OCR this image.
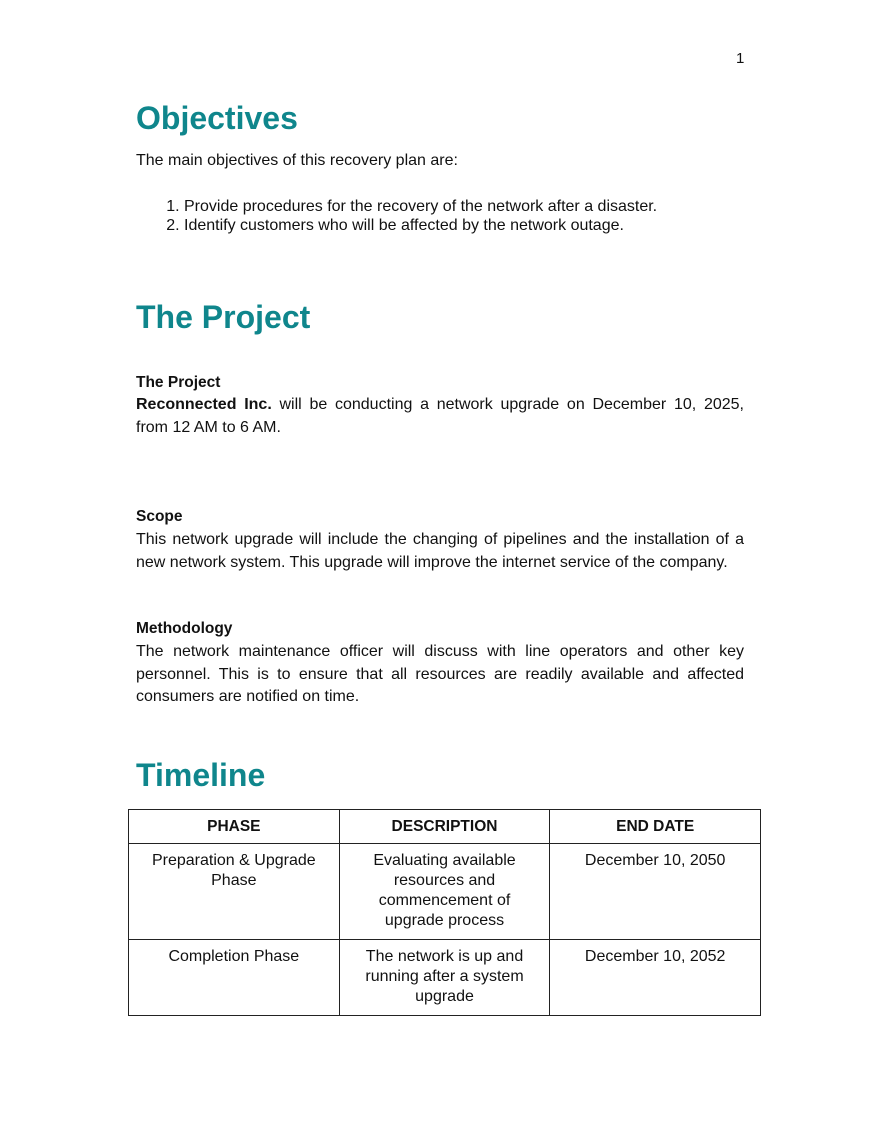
1
Objectives
The main objectives of this recovery plan are:
1. Provide procedures for the recovery of the network after a disaster.
2. Identify customers who will be affected by the network outage.
The Project
The Project
Reconnected Inc. will be conducting a network upgrade on December 10, 2025, from 12 AM to 6 AM.
Scope
This network upgrade will include the changing of pipelines and the installation of a new network system. This upgrade will improve the internet service of the company.
Methodology
The network maintenance officer will discuss with line operators and other key personnel. This is to ensure that all resources are readily available and affected consumers are notified on time.
Timeline
PHASE	DESCRIPTION	END DATE
Preparation & Upgrade Phase	Evaluating available resources and commencement of upgrade process	December 10, 2050
Completion Phase	The network is up and running after a system upgrade	December 10, 2052
